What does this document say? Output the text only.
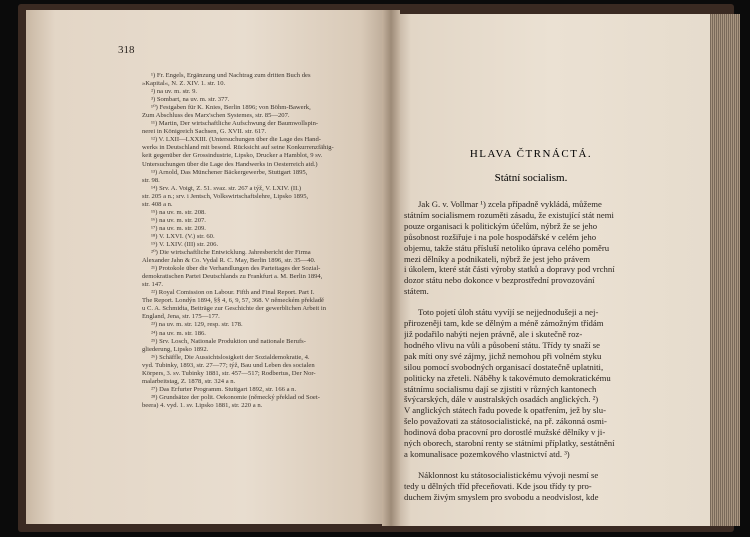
318
¹) Fr. Engels, Ergänzung und Nachtrag zum dritten Buch des
»Kapital«, N. Z. XIV. 1. str. 10.
²) na uv. m. str. 9.
³) Sombart, na uv. m. str. 377.
¹⁰) Festgaben für K. Knies, Berlin 1896; von Böhm-Bawerk,
Zum Abschluss des Marx'schen Systemes, str. 85—207.
¹¹) Martin, Der wirtschaftliche Aufschwung der Baumwollspin-
nerei in Königreich Sachsen, G. XVII. str. 617.
¹²) V. LXII—LXXIII. (Untersuchungen über die Lage des Hand-
werks in Deutschland mit besond. Rücksicht auf seine Konkurrenzfähig-
keit gegenüber der Grossindustrie, Lipsko, Drucker a Hamblot, 9 sv.
Untersuchungen über die Lage des Handwerks in Oesterreich atd.)
¹³) Arnold, Das Münchener Bäckergewerbe, Stuttgart 1895,
str. 98.
¹⁴) Srv. A. Voigt, Z. 51. svaz. str. 267 a týž, V. LXIV. (II.)
str. 205 a n.; srv. i Jentsch, Volkswirtschaftslehre, Lipsko 1895,
str. 408 a n.
¹⁵) na uv. m. str. 208.
¹⁶) na uv. m. str. 207.
¹⁷) na uv. m. str. 209.
¹⁸) V. LXVI. (V.) str. 60.
¹⁹) V. LXIV. (III) str. 206.
²⁰) Die wirtschaftliche Entwicklung. Jahresbericht der Firma
Alexander Jahn & Co. Vydal R. C. May, Berlin 1896, str. 35—40.
²¹) Protokole über die Verhandlungen des Parteitages der Sozial-
demokratischen Partei Deutschlands zu Frankfurt a. M. Berlin 1894,
str. 147.
²²) Royal Comission on Labour. Fifth and Final Report. Part I.
The Report. Londýn 1894, §§ 4, 6, 9, 57, 368. V německém překladě
u C. A. Schmidta, Beiträge zur Geschichte der gewerblichen Arbeit in
England, Jena, str. 175—177.
²³) na uv. m. str. 129, resp. str. 178.
²⁴) na uv. m. str. 186.
²⁵) Srv. Losch, Nationale Produktion und nationale Berufs-
gliederung, Lipsko 1892.
²⁶) Schäffle, Die Aussichtslosigkeit der Sozialdemokratie, 4.
vyd. Tubinky, 1893, str. 27—77; týž, Bau und Leben des socialen
Körpers, 3. sv. Tubinky 1881, str. 457—517; Rodbertus, Der Nor-
malarbeitstag, Z. 1878, str. 324 a n.
²⁷) Das Erfurter Programm. Stuttgart 1892, str. 166 a n.
²⁸) Grundsätze der polit. Oekonomie (německý překlad od Soet-
beera) 4. vyd. 1. sv. Lipsko 1881, str. 220 a n.
HLAVA ČTRNÁCTÁ.
Státní socialism.
Jak G. v. Vollmar ¹) zcela případně vykládá, můžeme
státním socialismem rozuměti zásadu, že existující stát nemi
pouze organisaci k politickým účelům, nýbrž že se jeho
působnost rozšiřuje i na pole hospodářské v celém jeho
objemu, takže státu přísluší netoliko úprava celého poměru
mezi dělníky a podnikateli, nýbrž že jest jeho právem
i úkolem, které stát části výroby statků a dopravy pod vrchní
dozor státu nebo dokonce v bezprostřední provozování
státem.
Toto pojetí úloh státu vyvíjí se nejjednodušeji a nej-
přirozeněji tam, kde se dělným a méně zámožným třídám
již podařilo nabýti nejen právně, ale i skutečně roz-
hodného vlivu na vůli a působení státu. Třídy ty snaží se
pak míti ony své zájmy, jichž nemohou při volném styku
silou pomocí svobodných organisací dostatečně uplatniti,
politicky na zřeteli. Náběhy k takovémuto demokratickému
státnímu socialismu dají se zjistiti v různých kantonech
švýcarských, dále v australských osadách anglických. ²)
V anglických státech řadu povede k opatřením, jež by slu-
šelo považovati za státosocialistické, na př. zákonná osmi-
hodinová doba pracovní pro dorostlé mužské dělníky v ji-
ných oborech, starobní renty se státními příplatky, sestátnění
a komunalisace pozemkového vlastnictví atd. ³)
Náklonnost ku státosocialistickému vývoji nesmí se
tedy u dělných tříd přeceňovati. Kde jsou třídy ty pro-
duchem živým smyslem pro svobodu a neodvislost, kde
